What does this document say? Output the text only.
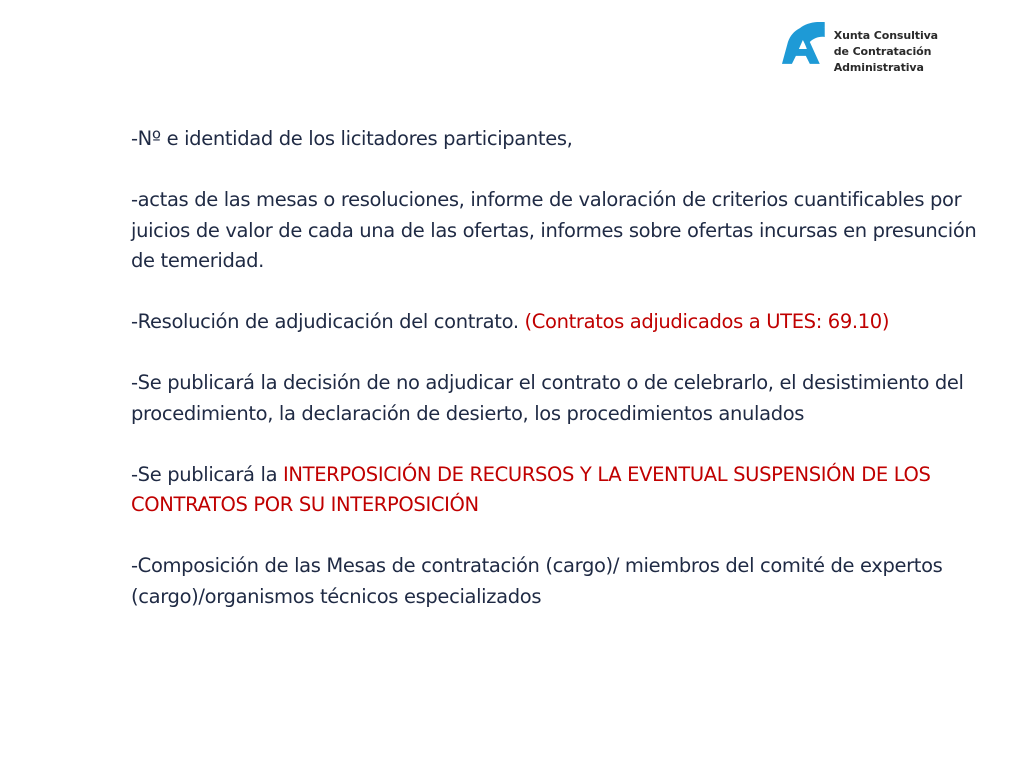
Xunta Consultiva
de Contratación Administrativa

-Nº e identidad de los licitadores participantes,

-actas de las mesas o resoluciones, informe de valoración de criterios cuantificables por juicios de valor de cada una de las ofertas, informes sobre ofertas incursas en presunción de temeridad.

-Resolución de adjudicación del contrato. (Contratos adjudicados a UTES: 69.10)

-Se publicará la decisión de no adjudicar el contrato o de celebrarlo, el desistimiento del procedimiento, la declaración de desierto, los procedimientos anulados

-Se publicará la INTERPOSICIÓN DE RECURSOS Y LA EVENTUAL SUSPENSIÓN DE LOS CONTRATOS POR SU INTERPOSICIÓN

-Composición de las Mesas de contratación (cargo)/ miembros del comité de expertos (cargo)/organismos técnicos especializados
